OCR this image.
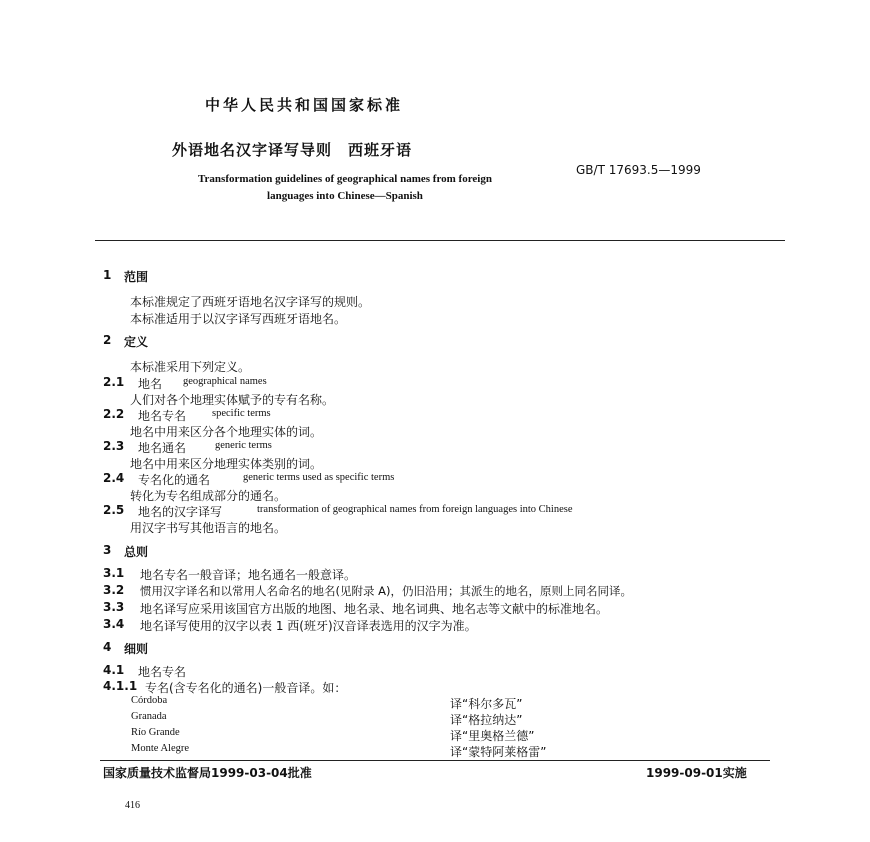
中华人民共和国国家标准
外语地名汉字译写导则　西班牙语
GB/T 17693.5—1999
Transformation guidelines of geographical names from foreign languages into Chinese—Spanish
1 范围
本标准规定了西班牙语地名汉字译写的规则。
本标准适用于以汉字译写西班牙语地名。
2 定义
本标准采用下列定义。
2.1 地名 geographical names
人们对各个地理实体赋予的专有名称。
2.2 地名专名 specific terms
地名中用来区分各个地理实体的词。
2.3 地名通名	generic terms
地名中用来区分地理实体类别的词。
2.4 专名化的通名	generic terms used as specific terms
转化为专名组成部分的通名。
2.5 地名的汉字译写	transformation of geographical names from foreign languages into Chinese
用汉字书写其他语言的地名。
3 总则
3.1 地名专名一般音译；地名通名一般意译。
3.2 惯用汉字译名和以常用人名命名的地名(见附录 A)，仍旧沿用；其派生的地名，原则上同名同译。
3.3 地名译写应采用该国官方出版的地图、地名录、地名词典、地名志等文献中的标准地名。
3.4 地名译写使用的汉字以表 1 西(班牙)汉音译表选用的汉字为准。
4 细则
4.1 地名专名
4.1.1 专名(含专名化的通名)一般音译。如：
Córdoba	译“科尔多瓦”
Granada	译“格拉纳达”
Río Grande	译“里奥格兰德”
Monte Alegre	译“蒙特阿莱格雷”
国家质量技术监督局1999-03-04批准	1999-09-01实施
416
